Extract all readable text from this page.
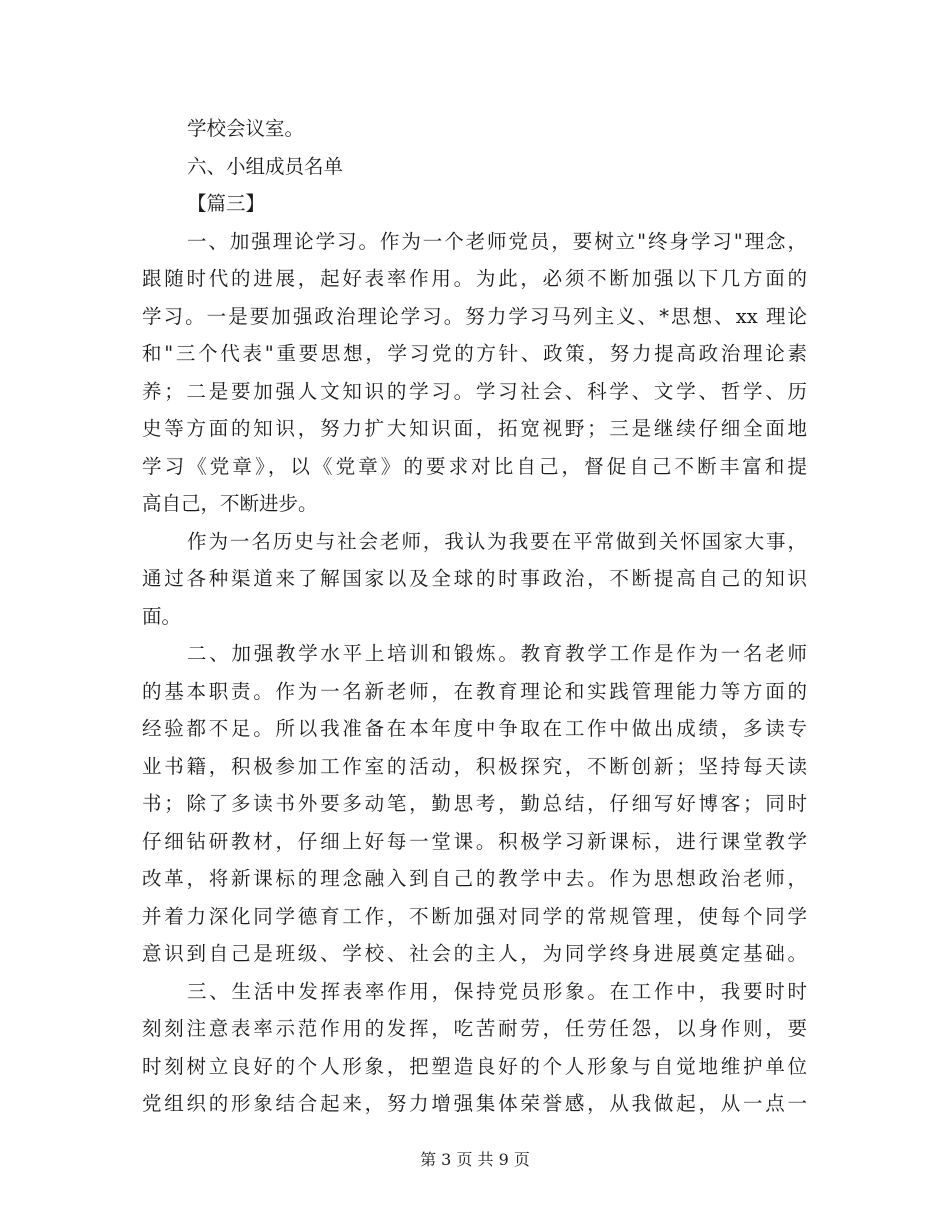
学校会议室。
六、小组成员名单
【篇三】
一、加强理论学习。作为一个老师党员，要树立"终身学习"理念，
跟随时代的进展，起好表率作用。为此，必须不断加强以下几方面的
学习。一是要加强政治理论学习。努力学习马列主义、*思想、xx 理论
和"三个代表"重要思想，学习党的方针、政策，努力提高政治理论素
养；二是要加强人文知识的学习。学习社会、科学、文学、哲学、历
史等方面的知识，努力扩大知识面，拓宽视野；三是继续仔细全面地
学习《党章》，以《党章》的要求对比自己，督促自己不断丰富和提
高自己，不断进步。
作为一名历史与社会老师，我认为我要在平常做到关怀国家大事，
通过各种渠道来了解国家以及全球的时事政治，不断提高自己的知识
面。
二、加强教学水平上培训和锻炼。教育教学工作是作为一名老师
的基本职责。作为一名新老师，在教育理论和实践管理能力等方面的
经验都不足。所以我准备在本年度中争取在工作中做出成绩，多读专
业书籍，积极参加工作室的活动，积极探究，不断创新；坚持每天读
书；除了多读书外要多动笔，勤思考，勤总结，仔细写好博客；同时
仔细钻研教材，仔细上好每一堂课。积极学习新课标，进行课堂教学
改革，将新课标的理念融入到自己的教学中去。作为思想政治老师，
并着力深化同学德育工作，不断加强对同学的常规管理，使每个同学
意识到自己是班级、学校、社会的主人，为同学终身进展奠定基础。
三、生活中发挥表率作用，保持党员形象。在工作中，我要时时
刻刻注意表率示范作用的发挥，吃苦耐劳，任劳任怨，以身作则，要
时刻树立良好的个人形象，把塑造良好的个人形象与自觉地维护单位
党组织的形象结合起来，努力增强集体荣誉感，从我做起，从一点一
第 3 页 共 9 页
